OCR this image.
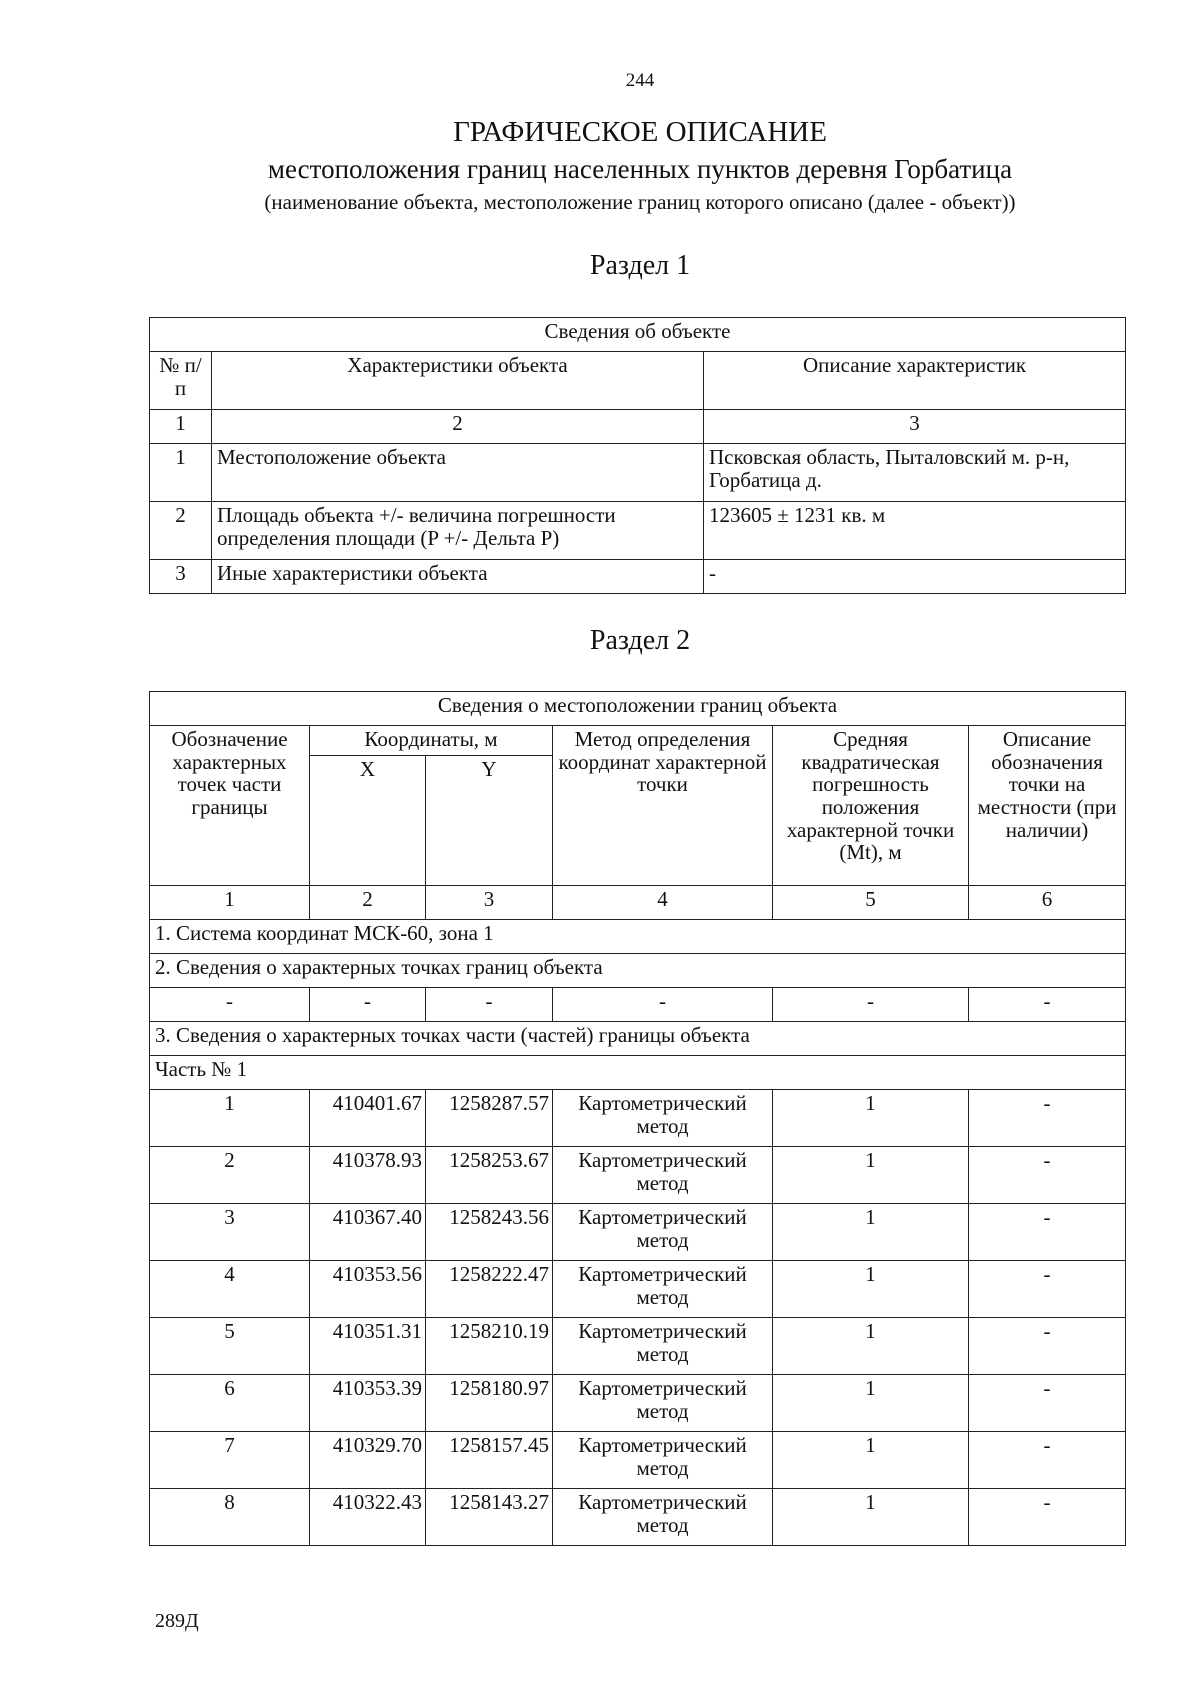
244
ГРАФИЧЕСКОЕ ОПИСАНИЕ
местоположения границ населенных пунктов деревня Горбатица
(наименование объекта, местоположение границ которого описано (далее - объект))
Раздел 1
Сведения об объекте		
№ п/п	Характеристики объекта	Описание характеристик
1	2	3
1	Местоположение объекта	Псковская область, Пыталовский м. р-н, Горбатица д.
2	Площадь объекта +/- величина погрешности определения площади (P +/- Дельта P)	123605 ± 1231 кв. м
3	Иные характеристики объекта	-
Раздел 2
Сведения о местоположении границ объекта					
Обозначение характерных точек части границы	Координаты, м		Метод определения координат характерной точки	Средняя квадратическая погрешность положения характерной точки (Mt), м	Описание обозначения точки на местности (при наличии)
	X	Y			
1	2	3	4	5	6
1. Система координат МСК-60, зона 1					
2. Сведения о характерных точках границ объекта					
-	-	-	-	-	-
3. Сведения о характерных точках части (частей) границы объекта					
Часть № 1					
1	410401.67	1258287.57	Картометрический метод	1	-
2	410378.93	1258253.67	Картометрический метод	1	-
3	410367.40	1258243.56	Картометрический метод	1	-
4	410353.56	1258222.47	Картометрический метод	1	-
5	410351.31	1258210.19	Картометрический метод	1	-
6	410353.39	1258180.97	Картометрический метод	1	-
7	410329.70	1258157.45	Картометрический метод	1	-
8	410322.43	1258143.27	Картометрический метод	1	-
289Д
